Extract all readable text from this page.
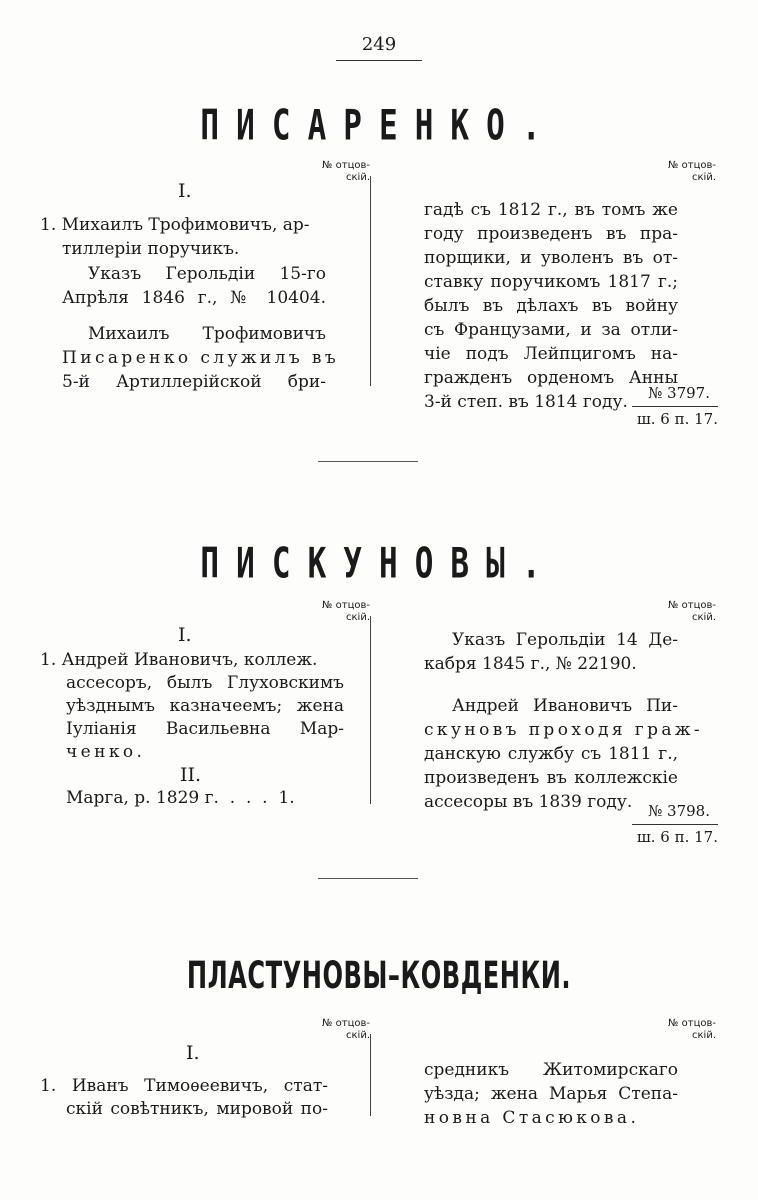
249
ПИСАРЕНКО.
№ отцов-
скій.
№ отцов-
скій.
I.
1. Михаилъ Трофимовичъ, ар-
тиллеріи поручикъ.
Указъ Герольдіи 15-го
Апрѣля 1846 г., № 10404.
Михаилъ Трофимовичъ
Писаренко служилъ въ
5-й Артиллерійской бри-
гадѣ съ 1812 г., въ томъ же
году произведенъ въ пра-
порщики, и уволенъ въ от-
ставку поручикомъ 1817 г.;
былъ въ дѣлахъ въ войну
съ Французами, и за отли-
чіе подъ Лейпцигомъ на-
гражденъ орденомъ Анны
3-й степ. въ 1814 году.	№ 3797.
ш. 6 п. 17.
ПИСКУНОВЫ.
№ отцов-
скій.
№ отцов-
скій.
I.
1. Андрей Ивановичъ, коллеж.
ассесоръ, былъ Глуховскимъ
уѣзднымъ казначеемъ; жена
Іуліанія Васильевна Мар-
ченко.
II.
Маргa, р. 1829 г.  .  .  .  1.
Указъ Герольдіи 14 Де-
кабря 1845 г., № 22190.
Андрей Ивановичъ Пи-
скуновъ проходя граж-
данскую службу съ 1811 г.,
произведенъ въ коллежскіе
ассесоры въ 1839 году.	№ 3798.
ш. 6 п. 17.
ПЛАСТУНОВЫ–КОВДЕНКИ.
№ отцов-
скій.
№ отцов-
скій.
I.
1. Иванъ Тимоѳеевичъ, стат-
скій совѣтникъ, мировой по-
средникъ Житомирскаго
уѣзда; жена Марья Степа-
новна Стасюкова.
